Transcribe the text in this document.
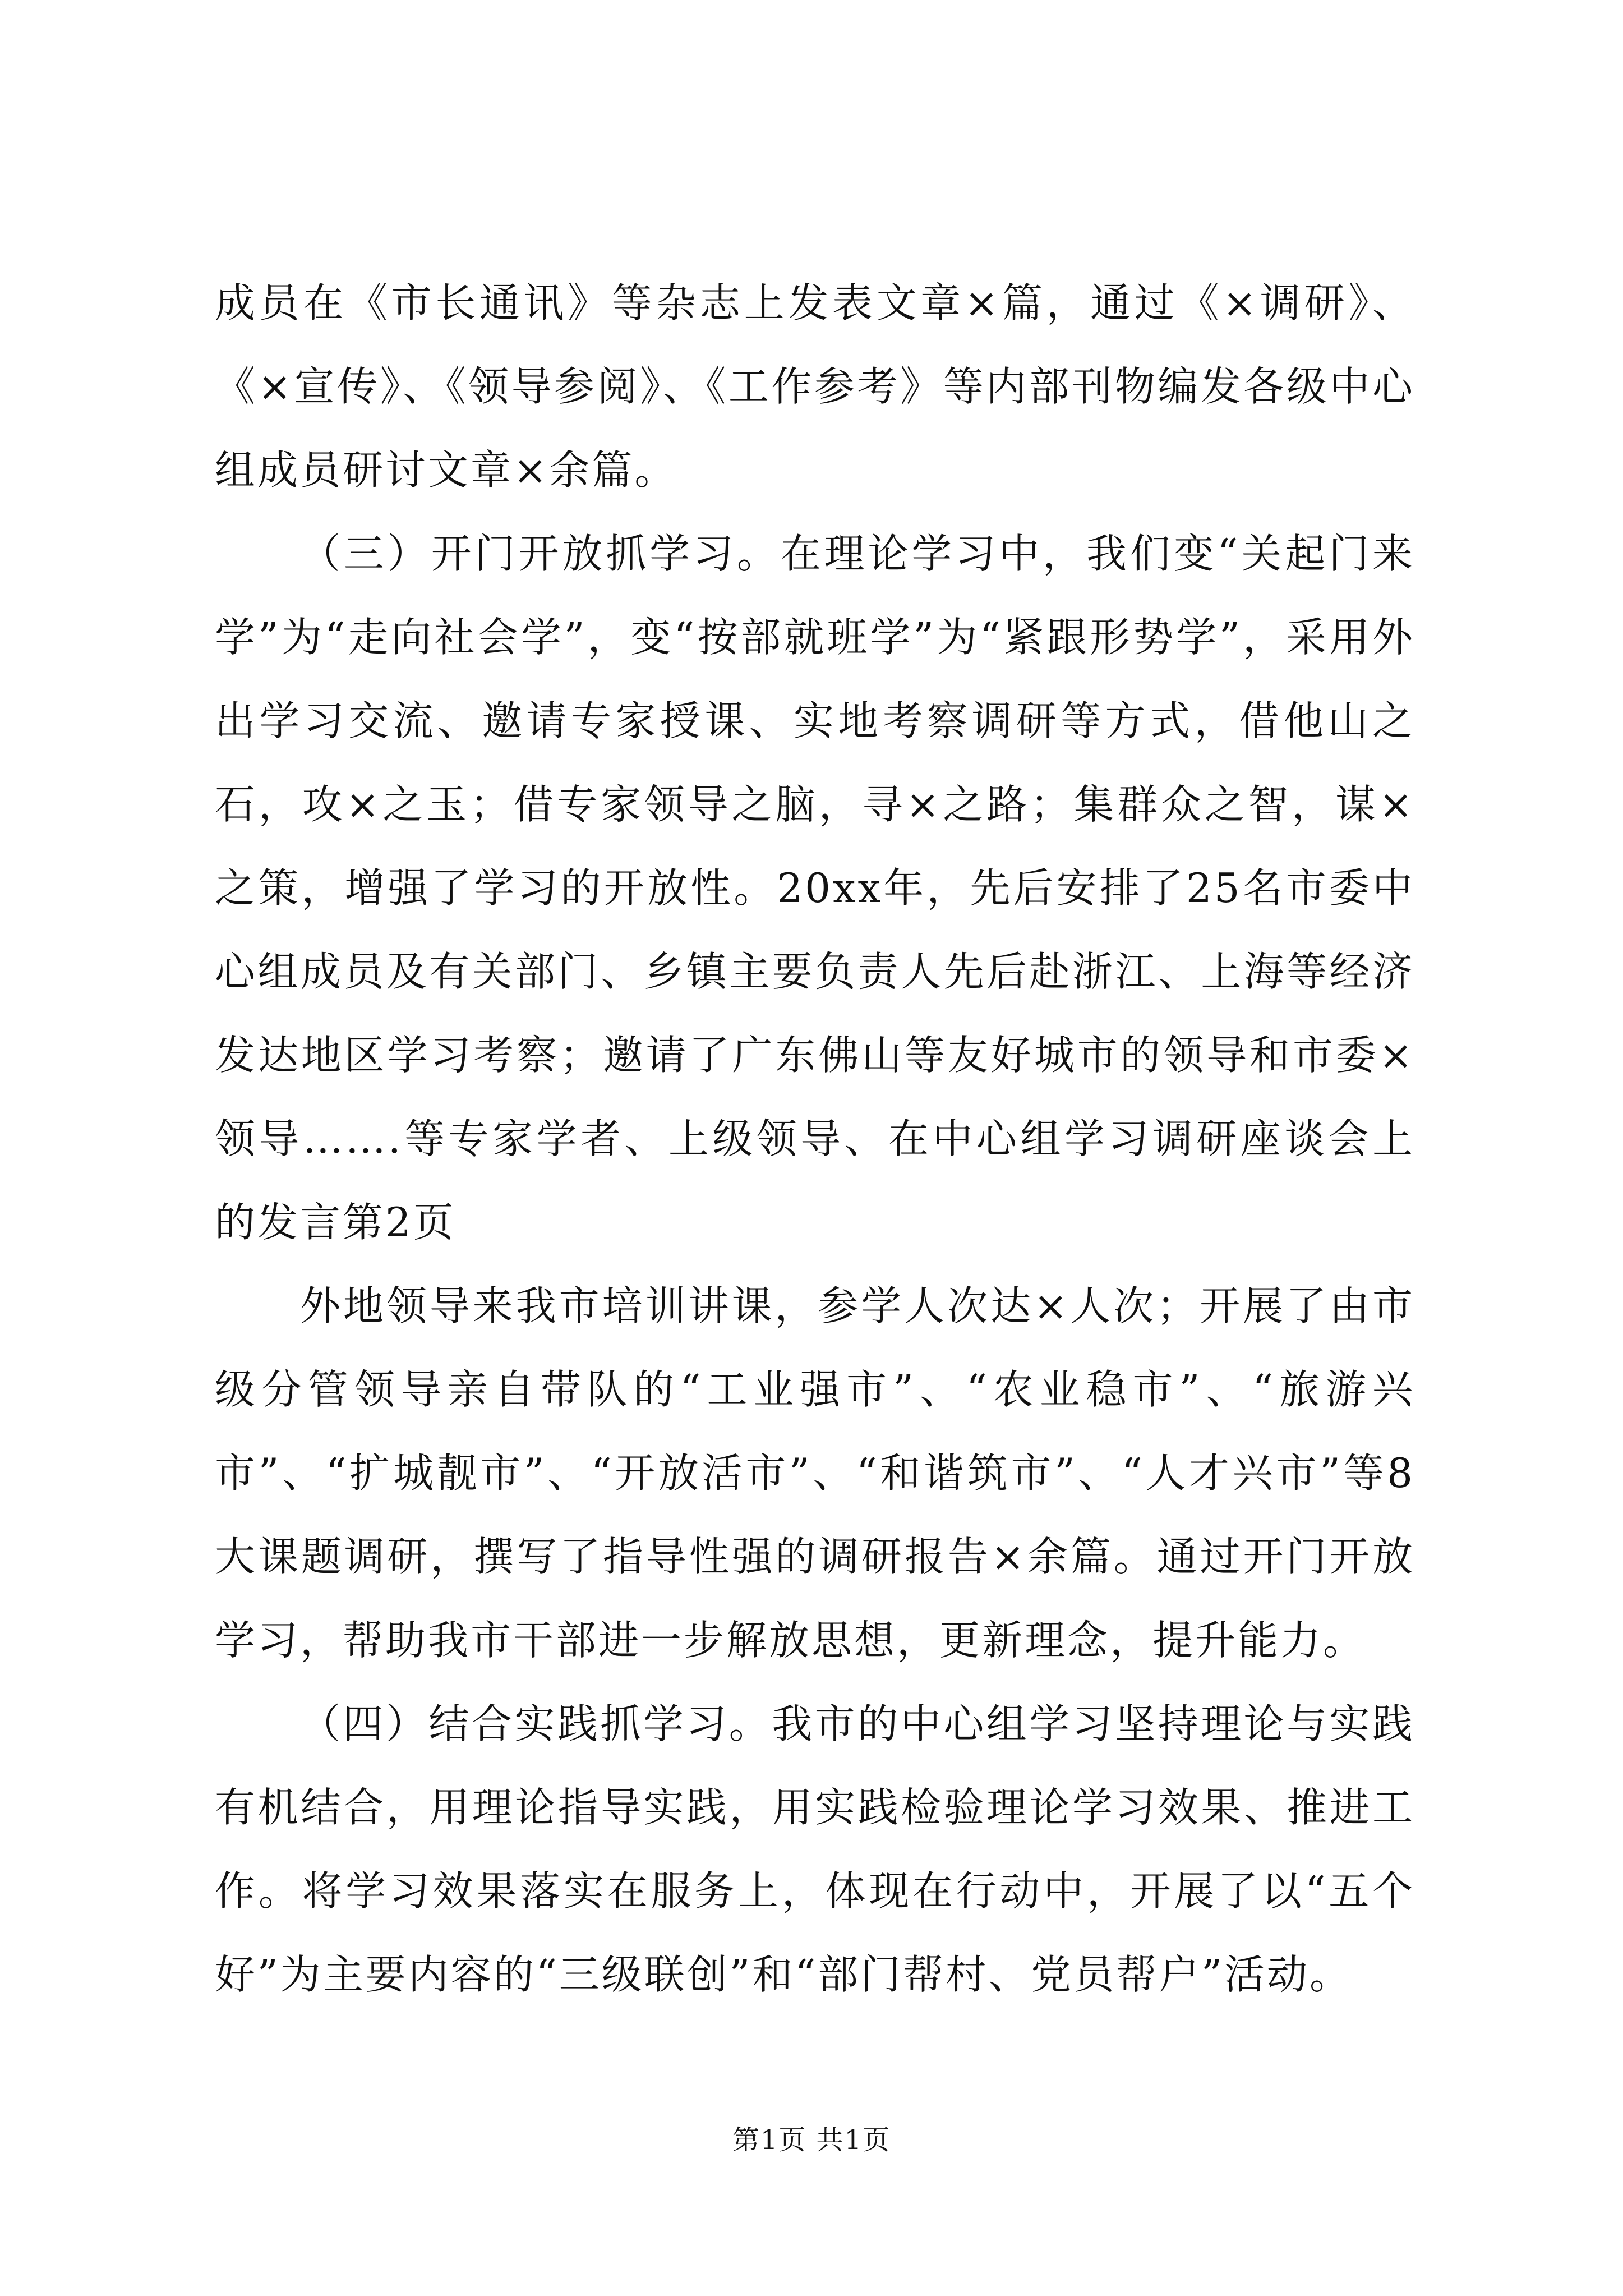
成员在《市长通讯》等杂志上发表文章×篇，通过《×调研》、《×宣传》、《领导参阅》、《工作参考》等内部刊物编发各级中心组成员研讨文章×余篇。

（三）开门开放抓学习。在理论学习中，我们变“关起门来学”为“走向社会学”，变“按部就班学”为“紧跟形势学”，采用外出学习交流、邀请专家授课、实地考察调研等方式，借他山之石，攻×之玉；借专家领导之脑，寻×之路；集群众之智，谋×之策，增强了学习的开放性。20xx年，先后安排了25名市委中心组成员及有关部门、乡镇主要负责人先后赴浙江、上海等经济发达地区学习考察；邀请了广东佛山等友好城市的领导和市委×领导…….等专家学者、上级领导、在中心组学习调研座谈会上的发言第2页

外地领导来我市培训讲课，参学人次达×人次；开展了由市级分管领导亲自带队的“工业强市”、“农业稳市”、“旅游兴市”、“扩城靓市”、“开放活市”、“和谐筑市”、“人才兴市”等8大课题调研，撰写了指导性强的调研报告×余篇。通过开门开放学习，帮助我市干部进一步解放思想，更新理念，提升能力。

（四）结合实践抓学习。我市的中心组学习坚持理论与实践有机结合，用理论指导实践，用实践检验理论学习效果、推进工作。将学习效果落实在服务上，体现在行动中，开展了以“五个好”为主要内容的“三级联创”和“部门帮村、党员帮户”活动。

第1页 共1页
